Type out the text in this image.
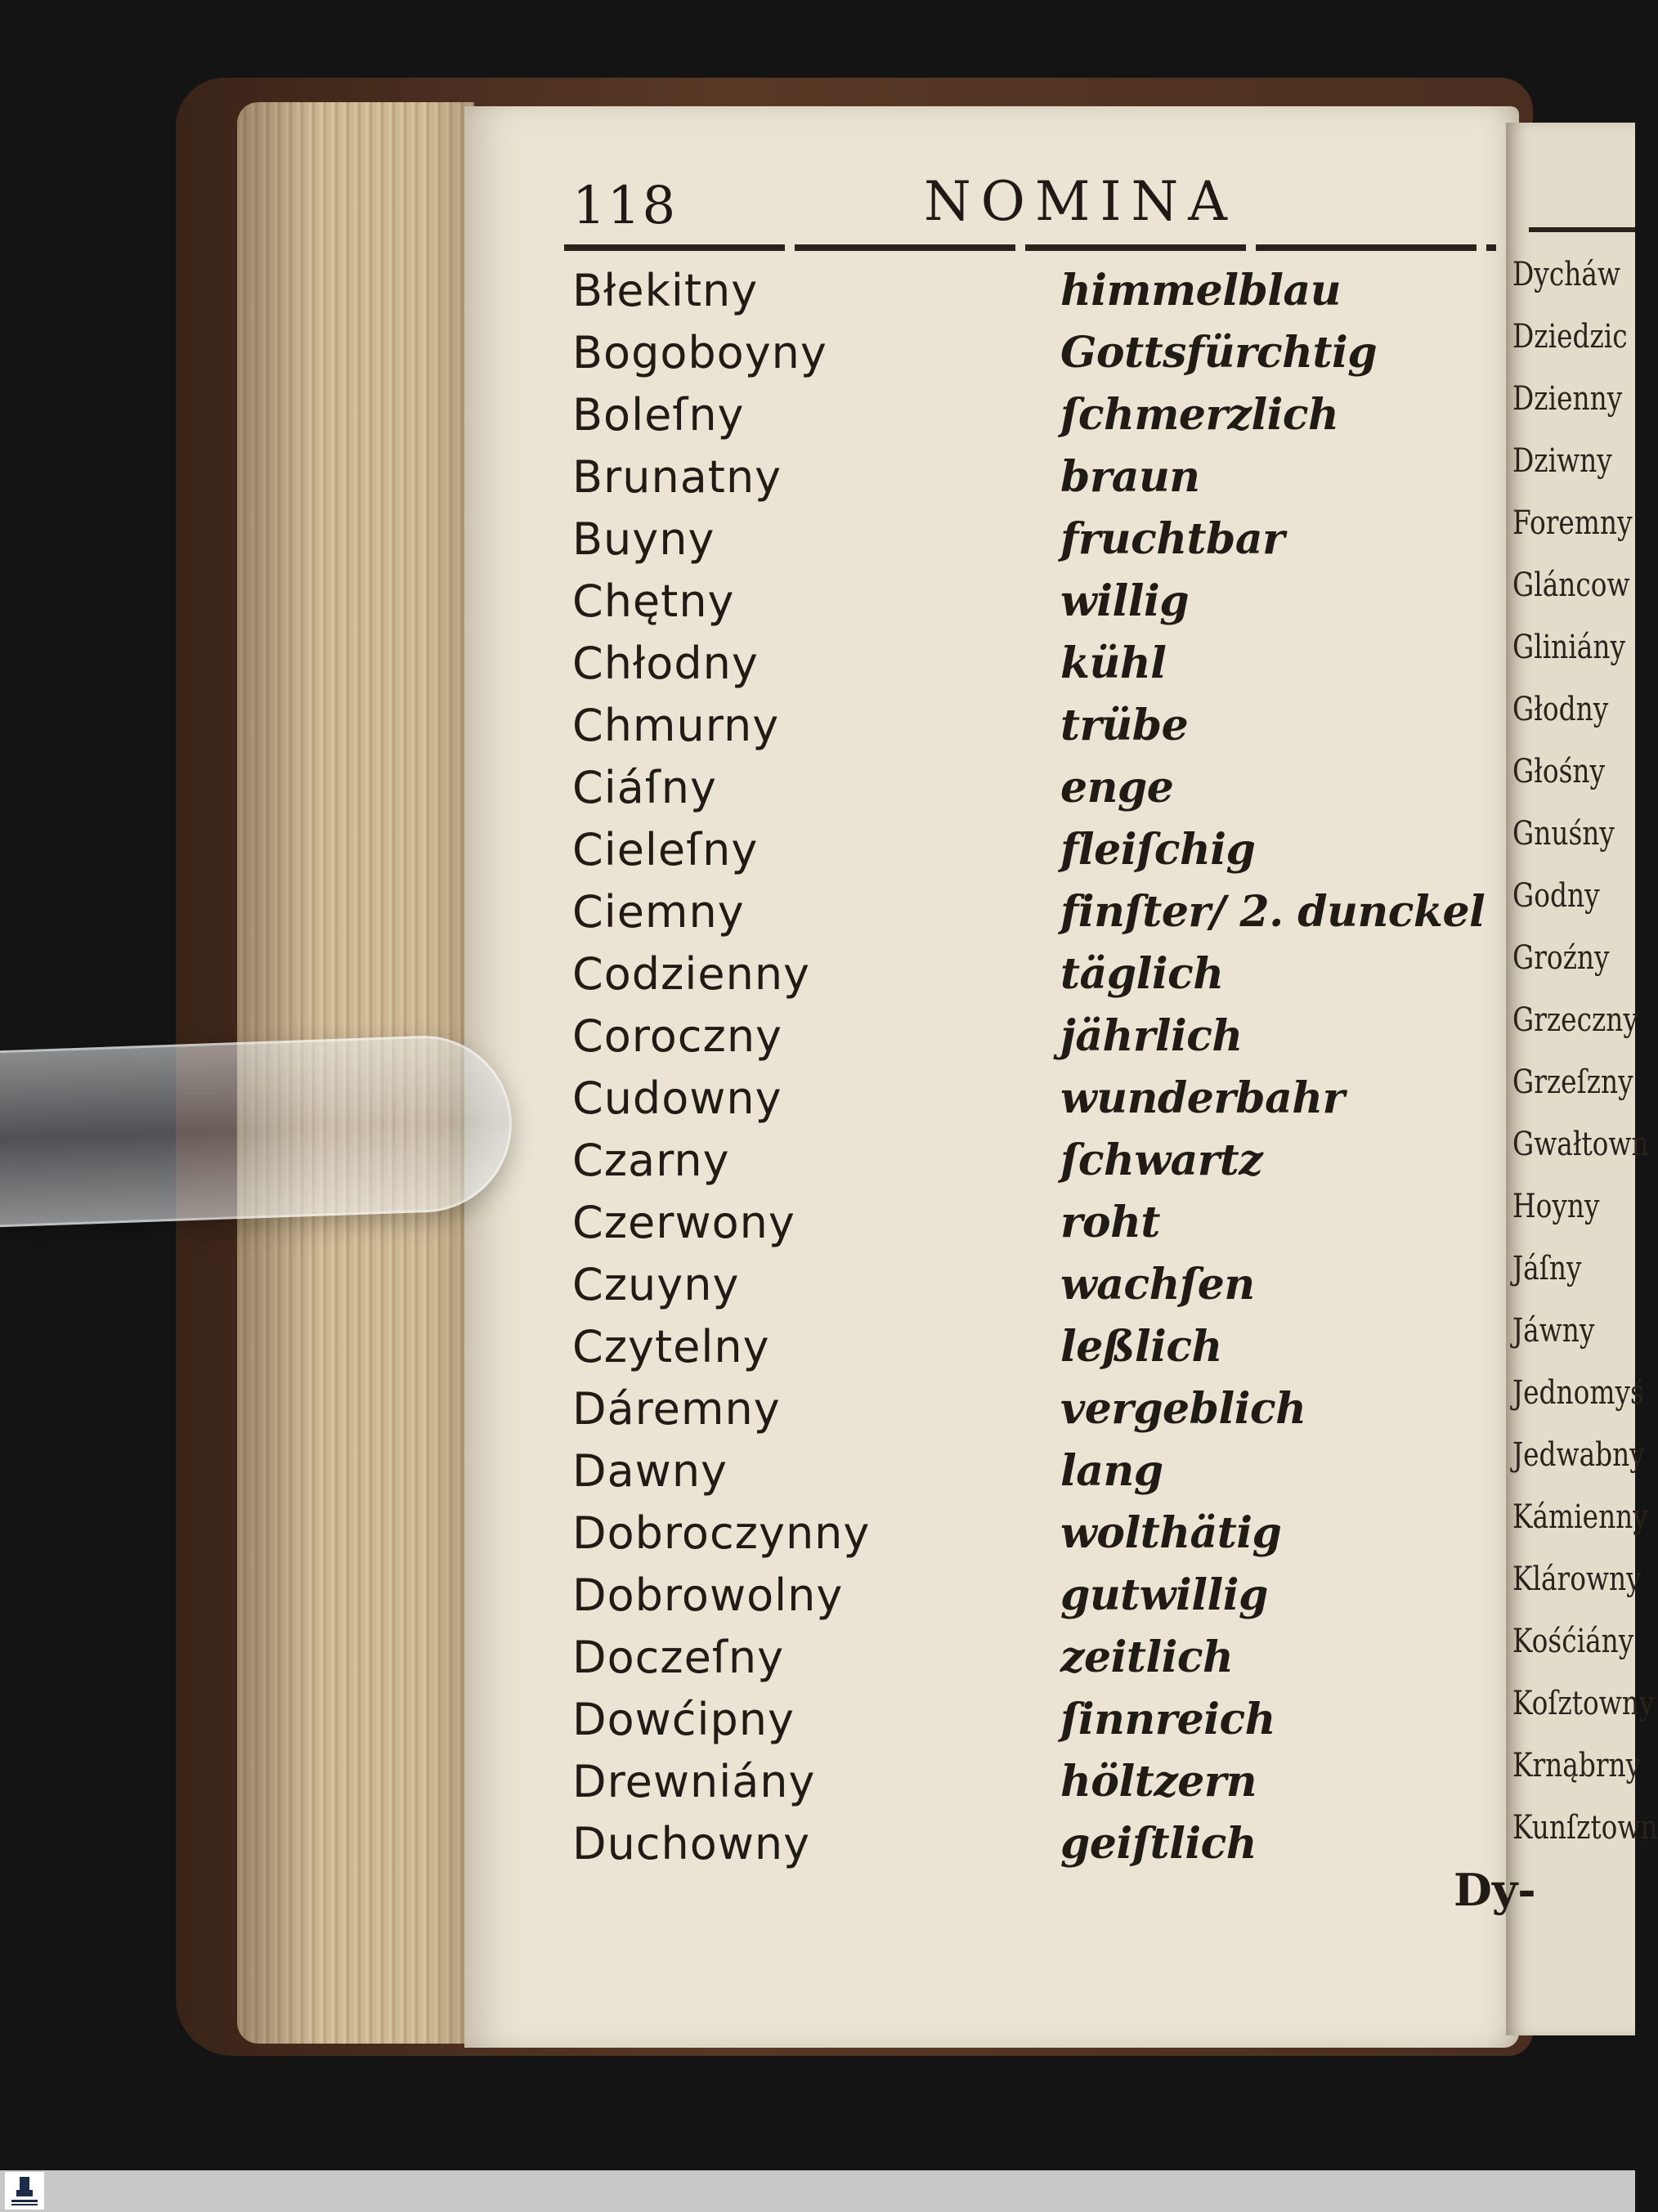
118	NOMINA
Błekitny
Bogoboyny
Boleſny
Brunatny
Buyny
Chętny
Chłodny
Chmurny
Ciáſny
Cieleſny
Ciemny
Codzienny
Coroczny
Cudowny
Czarny
Czerwony
Czuyny
Czytelny
Dáremny
Dawny
Dobroczynny
Dobrowolny
Doczeſny
Dowćipny
Drewniány
Duchowny
himmelblau
Gottsfürchtig
ſchmerzlich
braun
fruchtbar
willig
kühl
trübe
enge
fleiſchig
finſter/ 2. dunckel
täglich
jährlich
wunderbahr
ſchwartz
roht
wachſen
leßlich
vergeblich
lang
wolthätig
gutwillig
zeitlich
ſinnreich
höltzern
geiſtlich
Dy-
Dycháw
Dziedzic
Dzienny
Dziwny
Foremny
Gláncow
Gliniány
Głodny
Głośny
Gnuśny
Godny
Groźny
Grzeczny
Grzeſzny
Gwałtown
Hoyny
Jáſny
Jáwny
Jednomyś
Jedwabny
Kámienny
Klárowny
Kośćiány
Koſztowny
Krnąbrny
Kunſztown
